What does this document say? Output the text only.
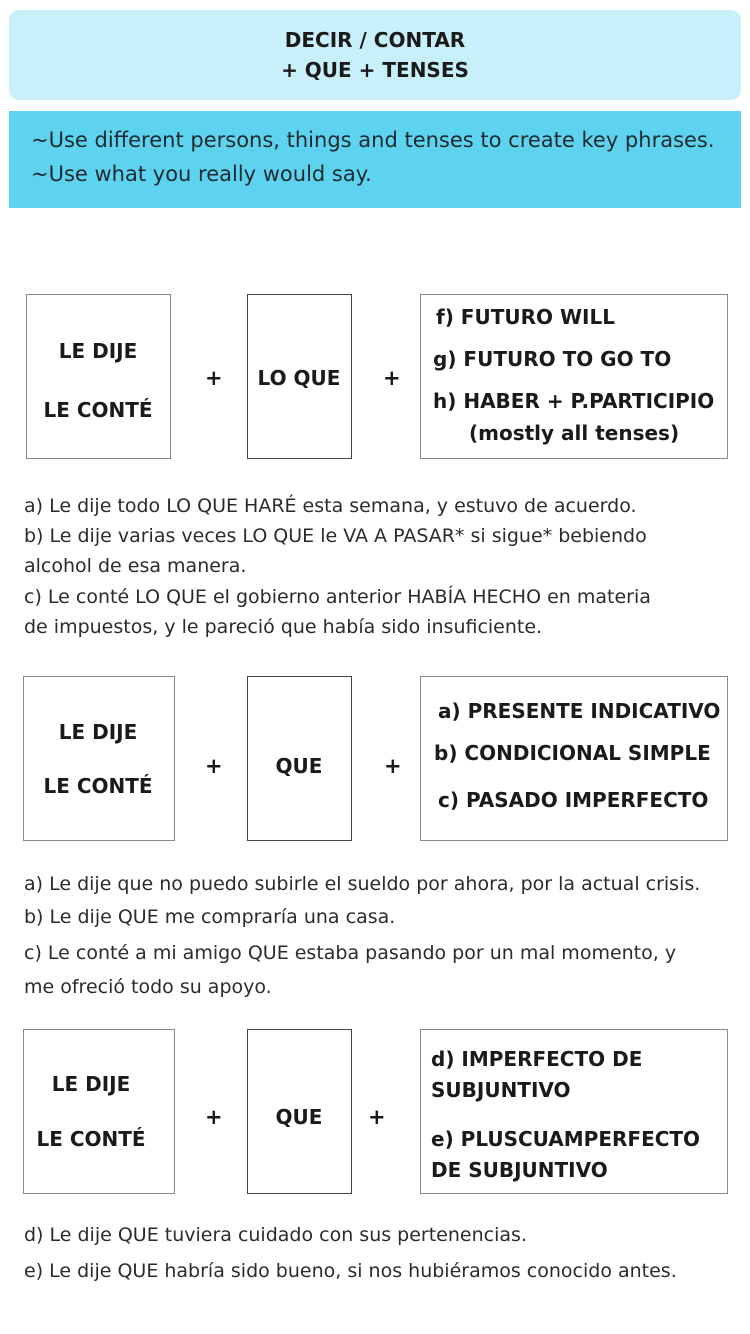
DECIR / CONTAR
+ QUE + TENSES
~Use different persons, things and tenses to create key phrases.
~Use what you really would say.
LE DIJE
LE CONTÉ
+ LO QUE +
f) FUTURO WILL
g) FUTURO TO GO TO
h) HABER + P.PARTICIPIO
(mostly all tenses)
a) Le dije todo LO QUE HARÉ esta semana, y estuvo de acuerdo.
b) Le dije varias veces LO QUE le VA A PASAR* si sigue* bebiendo
alcohol de esa manera.
c) Le conté LO QUE el gobierno anterior HABÍA HECHO en materia
de impuestos, y le pareció que había sido insuficiente.
LE DIJE
LE CONTÉ
+	QUE	+
a) PRESENTE INDICATIVO
b) CONDICIONAL SIMPLE
c) PASADO IMPERFECTO
a) Le dije que no puedo subirle el sueldo por ahora, por la actual crisis.
b) Le dije QUE me compraría una casa.
c) Le conté a mi amigo QUE estaba pasando por un mal momento, y
me ofreció todo su apoyo.
LE DIJE
LE CONTÉ
+	QUE +
d) IMPERFECTO DE
SUBJUNTIVO
e) PLUSCUAMPERFECTO
DE SUBJUNTIVO
d) Le dije QUE tuviera cuidado con sus pertenencias.
e) Le dije QUE habría sido bueno, si nos hubiéramos conocido antes.
